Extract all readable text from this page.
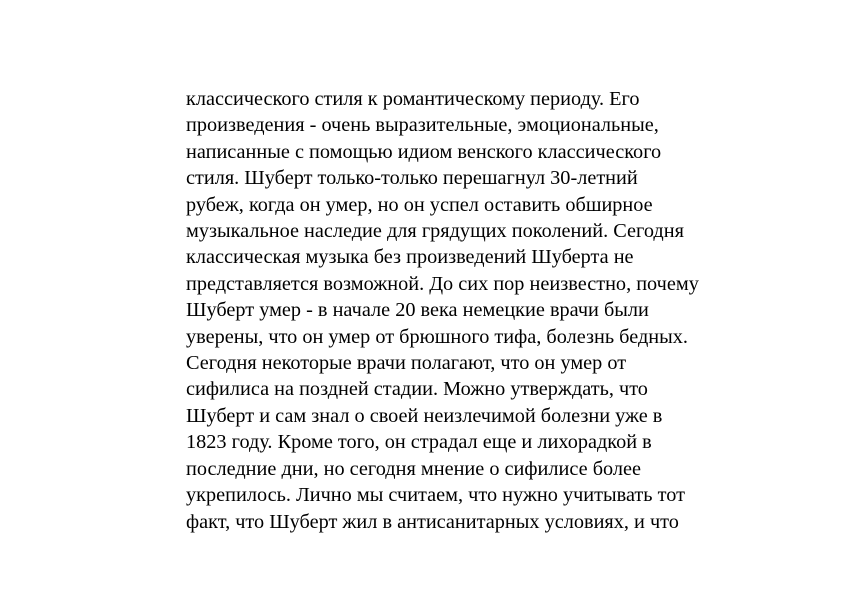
классического стиля к романтическому периоду. Его
произведения - очень выразительные, эмоциональные,
написанные с помощью идиом венского классического
стиля. Шуберт только-только перешагнул 30-летний
рубеж, когда он умер, но он успел оставить обширное
музыкальное наследие для грядущих поколений. Сегодня
классическая музыка без произведений Шуберта не
представляется возможной. До сих пор неизвестно, почему
Шуберт умер - в начале 20 века немецкие врачи были
уверены, что он умер от брюшного тифа, болезнь бедных.
Сегодня некоторые врачи полагают, что он умер от
сифилиса на поздней стадии. Можно утверждать, что
Шуберт и сам знал о своей неизлечимой болезни уже в
1823 году. Кроме того, он страдал еще и лихорадкой в
последние дни, но сегодня мнение о сифилисе более
укрепилось. Лично мы считаем, что нужно учитывать тот
факт, что Шуберт жил в антисанитарных условиях, и что
